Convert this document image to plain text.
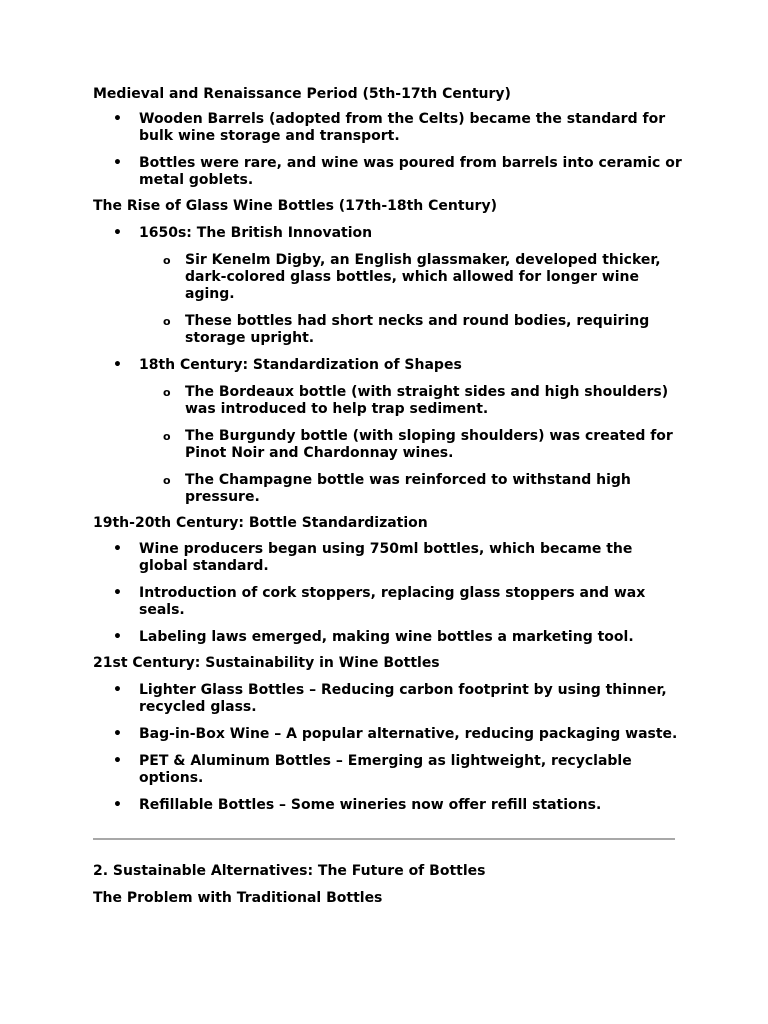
Medieval and Renaissance Period (5th-17th Century)

• Wooden Barrels (adopted from the Celts) became the standard for bulk wine storage and transport.
• Bottles were rare, and wine was poured from barrels into ceramic or metal goblets.

The Rise of Glass Wine Bottles (17th-18th Century)

• 1650s: The British Innovation
o Sir Kenelm Digby, an English glassmaker, developed thicker, dark-colored glass bottles, which allowed for longer wine aging.
o These bottles had short necks and round bodies, requiring storage upright.
• 18th Century: Standardization of Shapes
o The Bordeaux bottle (with straight sides and high shoulders) was introduced to help trap sediment.
o The Burgundy bottle (with sloping shoulders) was created for Pinot Noir and Chardonnay wines.
o The Champagne bottle was reinforced to withstand high pressure.

19th-20th Century: Bottle Standardization

• Wine producers began using 750ml bottles, which became the global standard.
• Introduction of cork stoppers, replacing glass stoppers and wax seals.
• Labeling laws emerged, making wine bottles a marketing tool.

21st Century: Sustainability in Wine Bottles

• Lighter Glass Bottles – Reducing carbon footprint by using thinner, recycled glass.
• Bag-in-Box Wine – A popular alternative, reducing packaging waste.
• PET & Aluminum Bottles – Emerging as lightweight, recyclable options.
• Refillable Bottles – Some wineries now offer refill stations.

2. Sustainable Alternatives: The Future of Bottles

The Problem with Traditional Bottles
